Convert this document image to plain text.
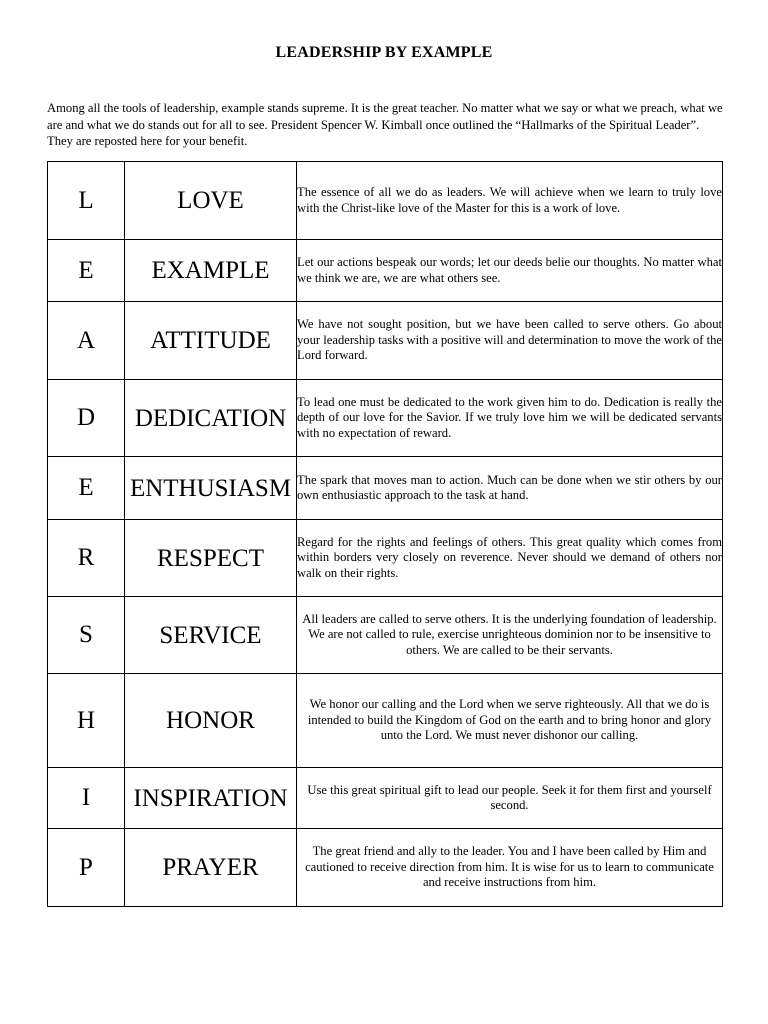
LEADERSHIP BY EXAMPLE
Among all the tools of leadership, example stands supreme. It is the great teacher. No matter what we say or what we preach, what we are and what we do stands out for all to see. President Spencer W. Kimball once outlined the “Hallmarks of the Spiritual Leader”. They are reposted here for your benefit.
L	LOVE	The essence of all we do as leaders. We will achieve when we learn to truly love with the Christ-like love of the Master for this is a work of love.
E	EXAMPLE	Let our actions bespeak our words; let our deeds belie our thoughts. No matter what we think we are, we are what others see.
A	ATTITUDE	We have not sought position, but we have been called to serve others. Go about your leadership tasks with a positive will and determination to move the work of the Lord forward.
D	DEDICATION	To lead one must be dedicated to the work given him to do. Dedication is really the depth of our love for the Savior. If we truly love him we will be dedicated servants with no expectation of reward.
E	ENTHUSIASM	The spark that moves man to action. Much can be done when we stir others by our own enthusiastic approach to the task at hand.
R	RESPECT	Regard for the rights and feelings of others. This great quality which comes from within borders very closely on reverence. Never should we demand of others nor walk on their rights.
S	SERVICE	All leaders are called to serve others. It is the underlying foundation of leadership. We are not called to rule, exercise unrighteous dominion nor to be insensitive to others. We are called to be their servants.
H	HONOR	We honor our calling and the Lord when we serve righteously. All that we do is intended to build the Kingdom of God on the earth and to bring honor and glory unto the Lord. We must never dishonor our calling.
I	INSPIRATION	Use this great spiritual gift to lead our people. Seek it for them first and yourself second.
P	PRAYER	The great friend and ally to the leader. You and I have been called by Him and cautioned to receive direction from him. It is wise for us to learn to communicate and receive instructions from him.
